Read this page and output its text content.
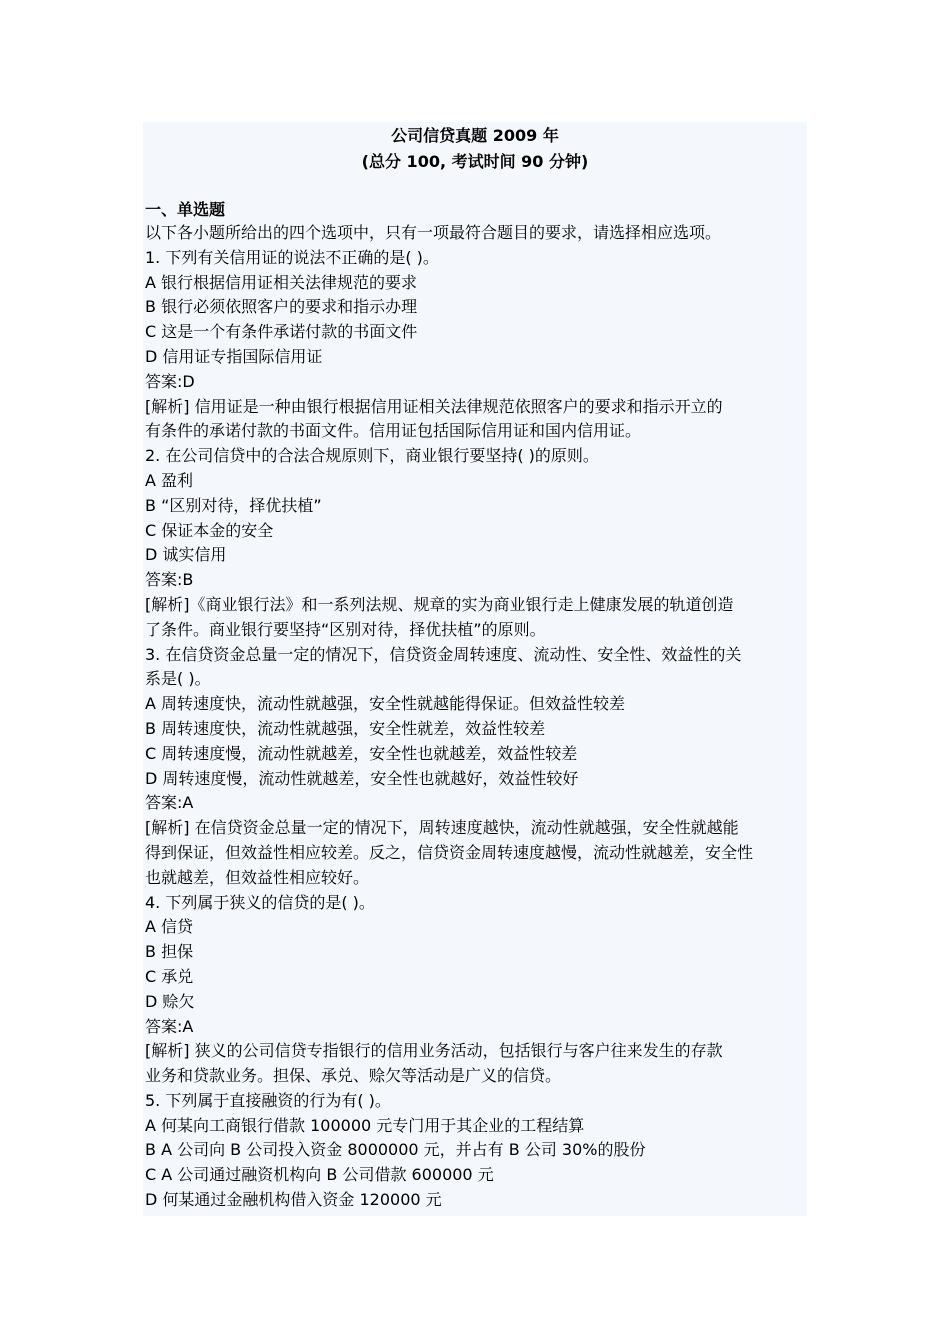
公司信贷真题 2009 年
(总分 100, 考试时间 90 分钟)
一、单选题
以下各小题所给出的四个选项中，只有一项最符合题目的要求，请选择相应选项。
1. 下列有关信用证的说法不正确的是( )。
A 银行根据信用证相关法律规范的要求
B 银行必须依照客户的要求和指示办理
C 这是一个有条件承诺付款的书面文件
D 信用证专指国际信用证
答案:D
[解析] 信用证是一种由银行根据信用证相关法律规范依照客户的要求和指示开立的
有条件的承诺付款的书面文件。信用证包括国际信用证和国内信用证。
2. 在公司信贷中的合法合规原则下，商业银行要坚持( )的原则。
A 盈利
B “区别对待，择优扶植”
C 保证本金的安全
D 诚实信用
答案:B
[解析]《商业银行法》和一系列法规、规章的实为商业银行走上健康发展的轨道创造
了条件。商业银行要坚持“区别对待，择优扶植”的原则。
3. 在信贷资金总量一定的情况下，信贷资金周转速度、流动性、安全性、效益性的关
系是( )。
A 周转速度快，流动性就越强，安全性就越能得保证。但效益性较差
B 周转速度快，流动性就越强，安全性就差，效益性较差
C 周转速度慢，流动性就越差，安全性也就越差，效益性较差
D 周转速度慢，流动性就越差，安全性也就越好，效益性较好
答案:A
[解析] 在信贷资金总量一定的情况下，周转速度越快，流动性就越强，安全性就越能
得到保证，但效益性相应较差。反之，信贷资金周转速度越慢，流动性就越差，安全性
也就越差，但效益性相应较好。
4. 下列属于狭义的信贷的是( )。
A 信贷
B 担保
C 承兑
D 赊欠
答案:A
[解析] 狭义的公司信贷专指银行的信用业务活动，包括银行与客户往来发生的存款
业务和贷款业务。担保、承兑、赊欠等活动是广义的信贷。
5. 下列属于直接融资的行为有( )。
A 何某向工商银行借款 100000 元专门用于其企业的工程结算
B A 公司向 B 公司投入资金 8000000 元，并占有 B 公司 30%的股份
C A 公司通过融资机构向 B 公司借款 600000 元
D 何某通过金融机构借入资金 120000 元
